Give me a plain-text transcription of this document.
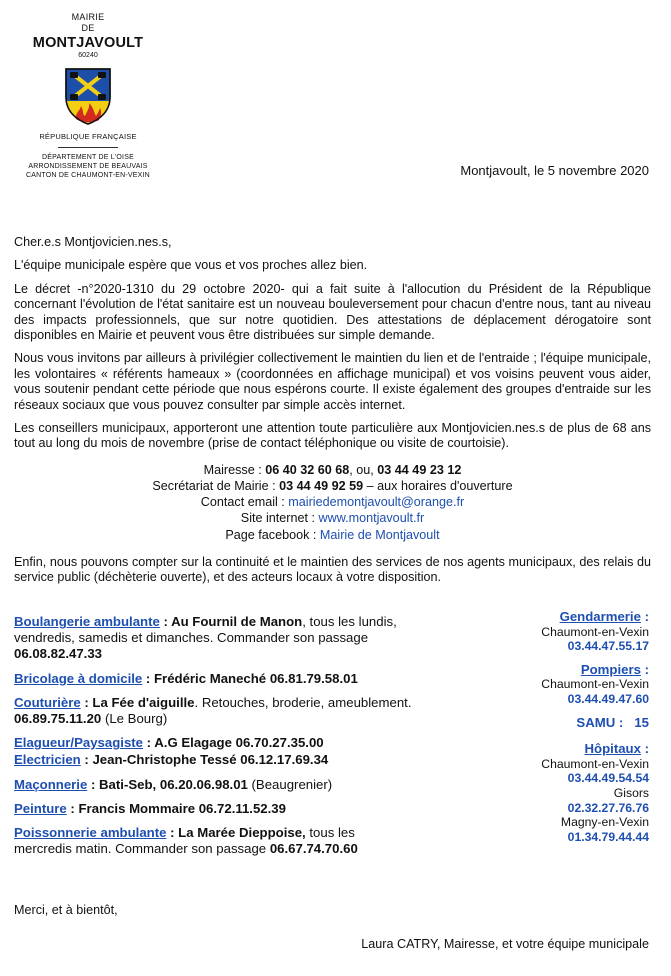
MAIRIE
DE
MONTJAVOULT
60240
RÉPUBLIQUE FRANÇAISE
DÉPARTEMENT DE L'OISE
ARRONDISSEMENT DE BEAUVAIS
CANTON DE CHAUMONT-EN-VEXIN	Montjavoult, le 5 novembre 2020

Cher.e.s Montjovicien.nes.s,

L'équipe municipale espère que vous et vos proches allez bien.

Le décret -n°2020-1310 du 29 octobre 2020- qui a fait suite à l'allocution du Président de la République concernant l'évolution de l'état sanitaire est un nouveau bouleversement pour chacun d'entre nous, tant au niveau des impacts professionnels, que sur notre quotidien. Des attestations de déplacement dérogatoire sont disponibles en Mairie et peuvent vous être distribuées sur simple demande.

Nous vous invitons par ailleurs à privilégier collectivement le maintien du lien et de l'entraide ; l'équipe municipale, les volontaires « référents hameaux » (coordonnées en affichage municipal) et vos voisins peuvent vous aider, vous soutenir pendant cette période que nous espérons courte. Il existe également des groupes d'entraide sur les réseaux sociaux que vous pouvez consulter par simple accès internet.

Les conseillers municipaux, apporteront une attention toute particulière aux Montjovicien.nes.s de plus de 68 ans tout au long du mois de novembre (prise de contact téléphonique ou visite de courtoisie).

Mairesse : 06 40 32 60 68, ou, 03 44 49 23 12
Secrétariat de Mairie : 03 44 49 92 59 – aux horaires d'ouverture
Contact email : mairiedemontjavoult@orange.fr
Site internet : www.montjavoult.fr
Page facebook : Mairie de Montjavoult

Enfin, nous pouvons compter sur la continuité et le maintien des services de nos agents municipaux, des relais du service public (déchèterie ouverte), et des acteurs locaux à votre disposition.

Boulangerie ambulante : Au Fournil de Manon, tous les lundis, vendredis, samedis et dimanches. Commander son passage 06.08.82.47.33
Bricolage à domicile : Frédéric Maneché 06.81.79.58.01
Couturière : La Fée d'aiguille. Retouches, broderie, ameublement. 06.89.75.11.20 (Le Bourg)
Elagueur/Paysagiste : A.G Elagage 06.70.27.35.00
Electricien : Jean-Christophe Tessé 06.12.17.69.34
Maçonnerie : Bati-Seb, 06.20.06.98.01 (Beaugrenier)
Peinture : Francis Mommaire 06.72.11.52.39
Poissonnerie ambulante : La Marée Dieppoise, tous les mercredis matin. Commander son passage 06.67.74.70.60
Gendarmerie :
Chaumont-en-Vexin
03.44.47.55.17
Pompiers :
Chaumont-en-Vexin
03.44.49.47.60
SAMU : 15
Hôpitaux :
Chaumont-en-Vexin
03.44.49.54.54
Gisors
02.32.27.76.76
Magny-en-Vexin
01.34.79.44.44
Merci, et à bientôt,
Laura CATRY, Mairesse, et votre équipe municipale
